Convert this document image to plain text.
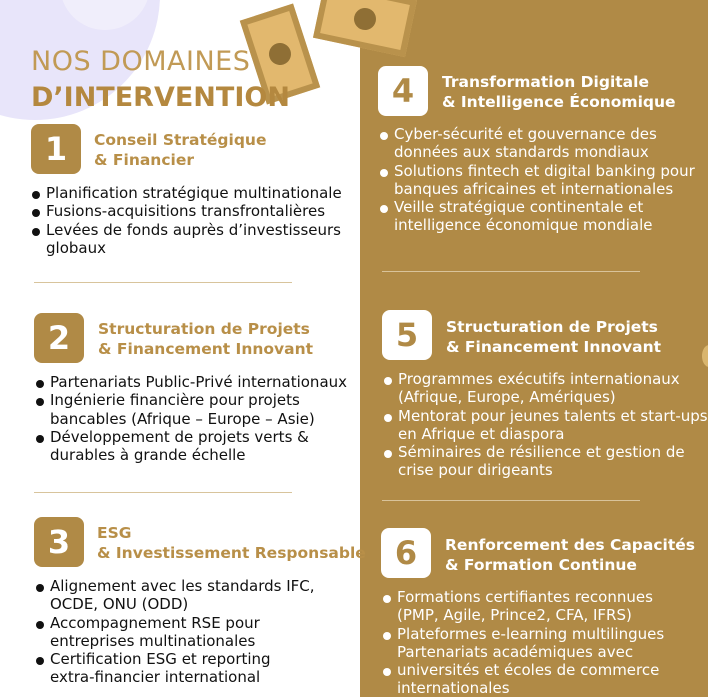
NOS DOMAINES
D’INTERVENTION
1	Conseil Stratégique
& Financier
Planification stratégique multinationale
Fusions-acquisitions transfrontalières
Levées de fonds auprès d’investisseurs
globaux
2	Structuration de Projets
& Financement Innovant
Partenariats Public-Privé internationaux
Ingénierie financière pour projets
bancables (Afrique – Europe – Asie)
Développement de projets verts &
durables à grande échelle
3	ESG
& Investissement Responsable
Alignement avec les standards IFC,
OCDE, ONU (ODD)
Accompagnement RSE pour
entreprises multinationales
Certification ESG et reporting
extra-financier international
4	Transformation Digitale
& Intelligence Économique
Cyber-sécurité et gouvernance des
données aux standards mondiaux
Solutions fintech et digital banking pour
banques africaines et internationales
Veille stratégique continentale et
intelligence économique mondiale
5	Structuration de Projets
& Financement Innovant
Programmes exécutifs internationaux
(Afrique, Europe, Amériques)
Mentorat pour jeunes talents et start-ups
en Afrique et diaspora
Séminaires de résilience et gestion de
crise pour dirigeants
6	Renforcement des Capacités
& Formation Continue
Formations certifiantes reconnues
(PMP, Agile, Prince2, CFA, IFRS)
Plateformes e-learning multilingues
Partenariats académiques avec
universités et écoles de commerce
internationales
